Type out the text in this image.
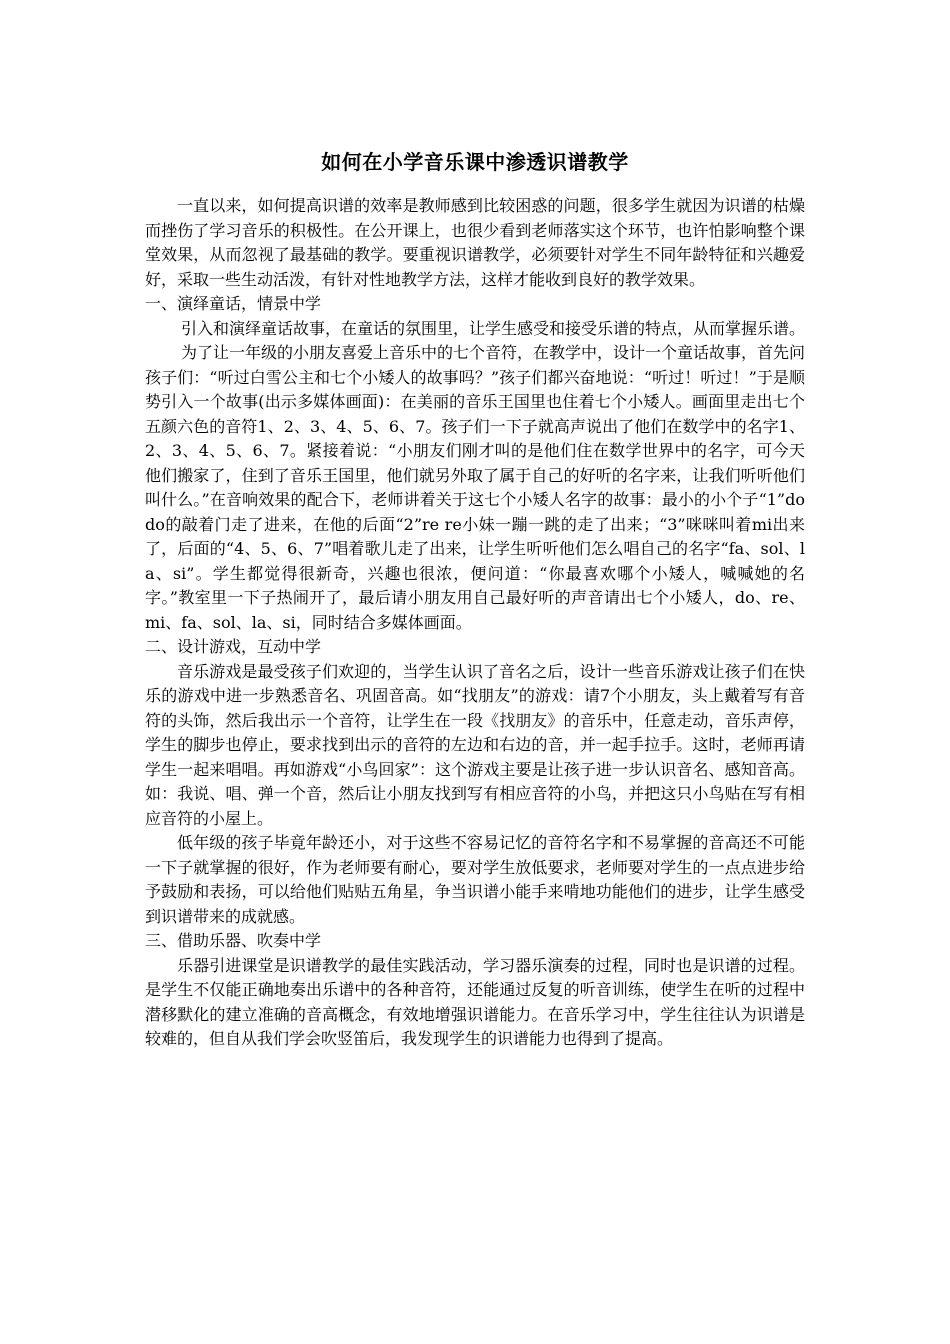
如何在小学音乐课中渗透识谱教学

一直以来，如何提高识谱的效率是教师感到比较困惑的问题，很多学生就因为识谱的枯燥而挫伤了学习音乐的积极性。在公开课上，也很少看到老师落实这个环节，也许怕影响整个课堂效果，从而忽视了最基础的教学。要重视识谱教学，必须要针对学生不同年龄特征和兴趣爱好，采取一些生动活泼，有针对性地教学方法，这样才能收到良好的教学效果。

一、演绎童话，情景中学

引入和演绎童话故事，在童话的氛围里，让学生感受和接受乐谱的特点，从而掌握乐谱。

为了让一年级的小朋友喜爱上音乐中的七个音符，在教学中，设计一个童话故事，首先问孩子们：“听过白雪公主和七个小矮人的故事吗？”孩子们都兴奋地说：“听过！听过！”于是顺势引入一个故事(出示多媒体画面)：在美丽的音乐王国里也住着七个小矮人。画面里走出七个五颜六色的音符1、2、3、4、5、6、7。孩子们一下子就高声说出了他们在数学中的名字1、2、3、4、5、6、7。紧接着说：“小朋友们刚才叫的是他们住在数学世界中的名字，可今天他们搬家了，住到了音乐王国里，他们就另外取了属于自己的好听的名字来，让我们听听他们叫什么。”在音响效果的配合下，老师讲着关于这七个小矮人名字的故事：最小的小个子“1”do do的敲着门走了进来，在他的后面“2”re re小妹一蹦一跳的走了出来；“3”咪咪叫着mi出来了，后面的“4、5、6、7”唱着歌儿走了出来，让学生听听他们怎么唱自己的名字“fa、sol、la、si”。学生都觉得很新奇，兴趣也很浓，便问道：“你最喜欢哪个小矮人，喊喊她的名字。”教室里一下子热闹开了，最后请小朋友用自己最好听的声音请出七个小矮人，do、re、mi、fa、sol、la、si，同时结合多媒体画面。

二、设计游戏，互动中学

音乐游戏是最受孩子们欢迎的，当学生认识了音名之后，设计一些音乐游戏让孩子们在快乐的游戏中进一步熟悉音名、巩固音高。如“找朋友”的游戏：请7个小朋友，头上戴着写有音符的头饰，然后我出示一个音符，让学生在一段《找朋友》的音乐中，任意走动，音乐声停，学生的脚步也停止，要求找到出示的音符的左边和右边的音，并一起手拉手。这时，老师再请学生一起来唱唱。再如游戏“小鸟回家”：这个游戏主要是让孩子进一步认识音名、感知音高。如：我说、唱、弹一个音，然后让小朋友找到写有相应音符的小鸟，并把这只小鸟贴在写有相应音符的小屋上。

低年级的孩子毕竟年龄还小，对于这些不容易记忆的音符名字和不易掌握的音高还不可能一下子就掌握的很好，作为老师要有耐心，要对学生放低要求，老师要对学生的一点点进步给予鼓励和表扬，可以给他们贴贴五角星，争当识谱小能手来啃地功能他们的进步，让学生感受到识谱带来的成就感。

三、借助乐器、吹奏中学

乐器引进课堂是识谱教学的最佳实践活动，学习器乐演奏的过程，同时也是识谱的过程。是学生不仅能正确地奏出乐谱中的各种音符，还能通过反复的听音训练，使学生在听的过程中潜移默化的建立准确的音高概念，有效地增强识谱能力。在音乐学习中，学生往往认为识谱是较难的，但自从我们学会吹竖笛后，我发现学生的识谱能力也得到了提高。
